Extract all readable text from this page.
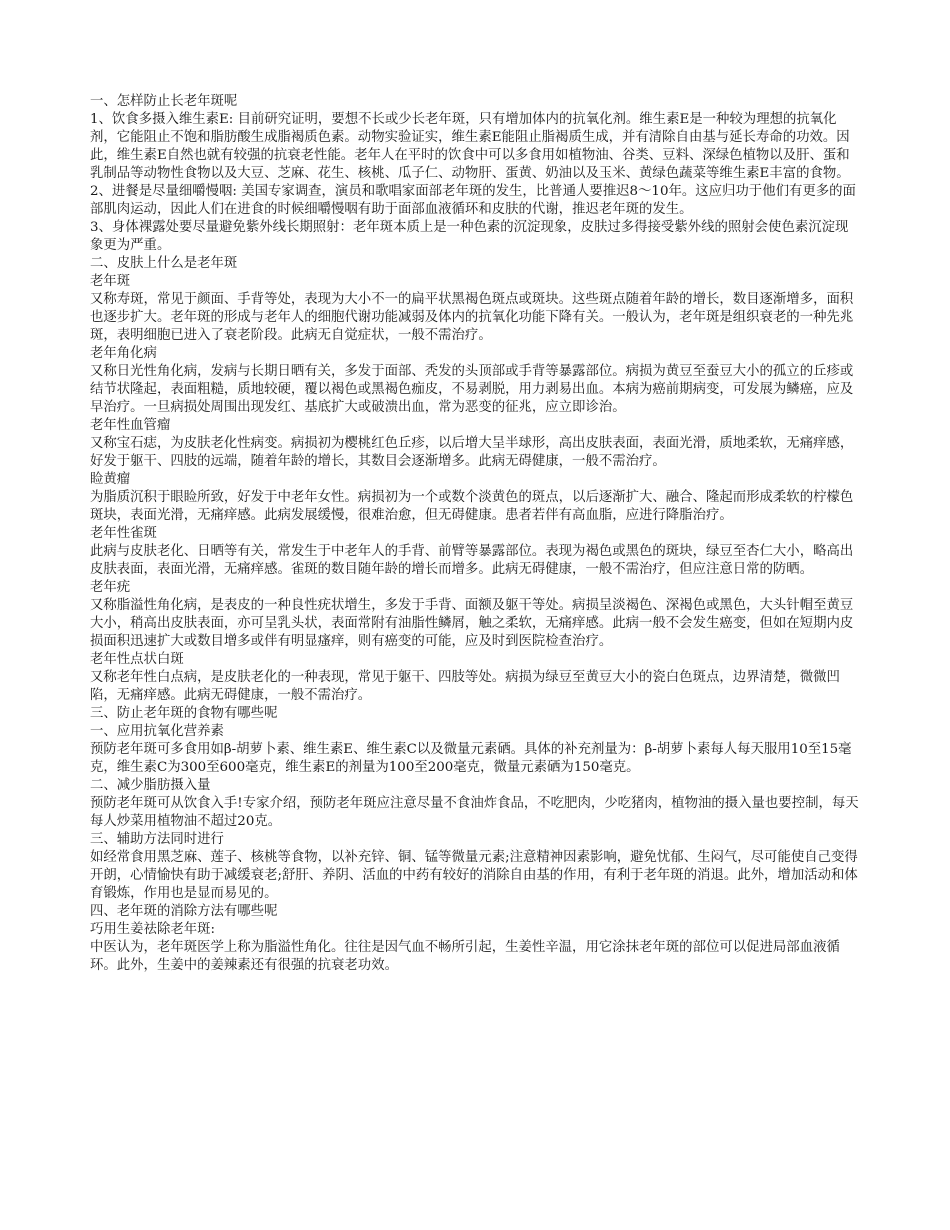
一、怎样防止长老年斑呢

1、饮食多摄入维生素E: 目前研究证明，要想不长或少长老年斑，只有增加体内的抗氧化剂。维生素E是一种较为理想的抗氧化剂，它能阻止不饱和脂肪酸生成脂褐质色素。动物实验证实，维生素E能阻止脂褐质生成，并有清除自由基与延长寿命的功效。因此，维生素E自然也就有较强的抗衰老性能。老年人在平时的饮食中可以多食用如植物油、谷类、豆料、深绿色植物以及肝、蛋和乳制品等动物性食物以及大豆、芝麻、花生、核桃、瓜子仁、动物肝、蛋黄、奶油以及玉米、黄绿色蔬菜等维生素E丰富的食物。

2、进餐是尽量细嚼慢咽: 美国专家调查，演员和歌唱家面部老年斑的发生，比普通人要推迟8～10年。这应归功于他们有更多的面部肌肉运动，因此人们在进食的时候细嚼慢咽有助于面部血液循环和皮肤的代谢，推迟老年斑的发生。

3、身体裸露处要尽量避免紫外线长期照射：老年斑本质上是一种色素的沉淀现象，皮肤过多得接受紫外线的照射会使色素沉淀现象更为严重。

二、皮肤上什么是老年斑

老年斑

又称寿斑，常见于颜面、手背等处，表现为大小不一的扁平状黑褐色斑点或斑块。这些斑点随着年龄的增长，数目逐渐增多，面积也逐步扩大。老年斑的形成与老年人的细胞代谢功能减弱及体内的抗氧化功能下降有关。一般认为，老年斑是组织衰老的一种先兆斑，表明细胞已进入了衰老阶段。此病无自觉症状，一般不需治疗。

老年角化病

又称日光性角化病，发病与长期日晒有关，多发于面部、秃发的头顶部或手背等暴露部位。病损为黄豆至蚕豆大小的孤立的丘疹或结节状隆起，表面粗糙，质地较硬，覆以褐色或黑褐色痂皮，不易剥脱，用力剥易出血。本病为癌前期病变，可发展为鳞癌，应及早治疗。一旦病损处周围出现发红、基底扩大或破溃出血，常为恶变的征兆，应立即诊治。

老年性血管瘤

又称宝石痣，为皮肤老化性病变。病损初为樱桃红色丘疹，以后增大呈半球形，高出皮肤表面，表面光滑，质地柔软，无痛痒感，好发于躯干、四肢的远端，随着年龄的增长，其数目会逐渐增多。此病无碍健康，一般不需治疗。

睑黄瘤

为脂质沉积于眼睑所致，好发于中老年女性。病损初为一个或数个淡黄色的斑点，以后逐渐扩大、融合、隆起而形成柔软的柠檬色斑块，表面光滑，无痛痒感。此病发展缓慢，很难治愈，但无碍健康。患者若伴有高血脂，应进行降脂治疗。

老年性雀斑

此病与皮肤老化、日晒等有关，常发生于中老年人的手背、前臂等暴露部位。表现为褐色或黑色的斑块，绿豆至杏仁大小，略高出皮肤表面，表面光滑，无痛痒感。雀斑的数目随年龄的增长而增多。此病无碍健康，一般不需治疗，但应注意日常的防晒。

老年疣

又称脂溢性角化病，是表皮的一种良性疣状增生，多发于手背、面额及躯干等处。病损呈淡褐色、深褐色或黑色，大头针帽至黄豆大小，稍高出皮肤表面，亦可呈乳头状，表面常附有油脂性鳞屑，触之柔软，无痛痒感。此病一般不会发生癌变，但如在短期内皮损面积迅速扩大或数目增多或伴有明显瘙痒，则有癌变的可能，应及时到医院检查治疗。

老年性点状白斑

又称老年性白点病，是皮肤老化的一种表现，常见于躯干、四肢等处。病损为绿豆至黄豆大小的瓷白色斑点，边界清楚，微微凹陷，无痛痒感。此病无碍健康，一般不需治疗。

三、防止老年斑的食物有哪些呢

一、应用抗氧化营养素

预防老年斑可多食用如β-胡萝卜素、维生素E、维生素C以及微量元素硒。具体的补充剂量为：β-胡萝卜素每人每天服用10至15毫克，维生素C为300至600毫克，维生素E的剂量为100至200毫克，微量元素硒为150毫克。

二、减少脂肪摄入量

预防老年斑可从饮食入手!专家介绍，预防老年斑应注意尽量不食油炸食品，不吃肥肉，少吃猪肉，植物油的摄入量也要控制，每天每人炒菜用植物油不超过20克。

三、辅助方法同时进行

如经常食用黑芝麻、莲子、核桃等食物，以补充锌、铜、锰等微量元素;注意精神因素影响，避免忧郁、生闷气，尽可能使自己变得开朗，心情愉快有助于减缓衰老;舒肝、养阴、活血的中药有较好的消除自由基的作用，有利于老年斑的消退。此外，增加活动和体育锻炼，作用也是显而易见的。

四、老年斑的消除方法有哪些呢

巧用生姜祛除老年斑:

中医认为，老年斑医学上称为脂溢性角化。往往是因气血不畅所引起，生姜性辛温，用它涂抹老年斑的部位可以促进局部血液循环。此外，生姜中的姜辣素还有很强的抗衰老功效。
